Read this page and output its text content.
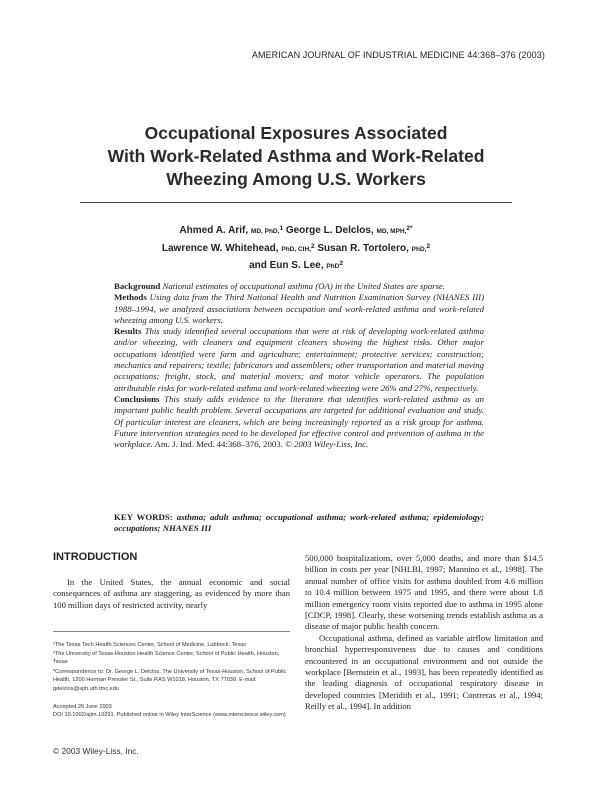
AMERICAN JOURNAL OF INDUSTRIAL MEDICINE 44:368–376 (2003)
Occupational Exposures Associated
With Work-Related Asthma and Work-Related
Wheezing Among U.S. Workers
Ahmed A. Arif, MD, PhD,$^1$ George L. Delclos, MD, MPH,$^{2*}$
Lawrence W. Whitehead, PhD, CIH,$^2$ Susan R. Tortolero, PhD,$^2$
and Eun S. Lee, PhD$^2$

Background National estimates of occupational asthma (OA) in the United States are sparse.

Methods Using data from the Third National Health and Nutrition Examination Survey (NHANES III) 1988–1994, we analyzed associations between occupation and work-related asthma and work-related wheezing among U.S. workers.

Results This study identified several occupations that were at risk of developing work-related asthma and/or wheezing, with cleaners and equipment cleaners showing the highest risks. Other major occupations identified were farm and agriculture; entertainment; protective services; construction; mechanics and repairers; textile; fabricators and assemblers; other transportation and material moving occupations; freight, stock, and material movers; and motor vehicle operators. The population attributable risks for work-related asthma and work-related wheezing were 26% and 27%, respectively.

Conclusions This study adds evidence to the literature that identifies work-related asthma as an important public health problem. Several occupations are targeted for additional evaluation and study. Of particular interest are cleaners, which are being increasingly reported as a risk group for asthma. Future intervention strategies need to be developed for effective control and prevention of asthma in the workplace. Am. J. Ind. Med. 44:368–376, 2003. © 2003 Wiley-Liss, Inc.

KEY WORDS: asthma; adult asthma; occupational asthma; work-related asthma; epidemiology; occupations; NHANES III

INTRODUCTION

In the United States, the annual economic and social consequences of asthma are staggering, as evidenced by more than 100 million days of restricted activity, nearly

500,000 hospitalizations, over 5,000 deaths, and more than $14.5 billion in costs per year [NHLBI, 1997; Mannino et al., 1998]. The annual number of office visits for asthma doubled from 4.6 million to 10.4 million between 1975 and 1995, and there were about 1.8 million emergency room visits reported due to asthma in 1995 alone [CDCP, 1998]. Clearly, these worsening trends establish asthma as a disease of major public health concern.

Occupational asthma, defined as variable airflow limitation and bronchial hyperresponsiveness due to causes and conditions encountered in an occupational environment and not outside the workplace [Bernstein et al., 1993], has been repeatedly identified as the leading diagnosis of occupational respiratory disease in developed countries [Meridith et al., 1991; Contreras et al., 1994; Reilly et al., 1994]. In addition

¹The Texas Tech Health Sciences Center, School of Medicine, Lubbock, Texas

²The University of Texas-Houston Health Science Center, School of Public Health, Houston, Texas

*Correspondence to: Dr. George L. Delclos, The University of Texas-Houston, School of Public Health, 1200 Herman Pressler St., Suite RAS W1018, Houston, TX 77030. E-mail: gdelclos@sph.uth.tmc.edu

Accepted 26 June 2003

DOI 10.1002/ajim.10291. Published online in Wiley InterScience (www.interscience.wiley.com)

© 2003 Wiley-Liss, Inc.
